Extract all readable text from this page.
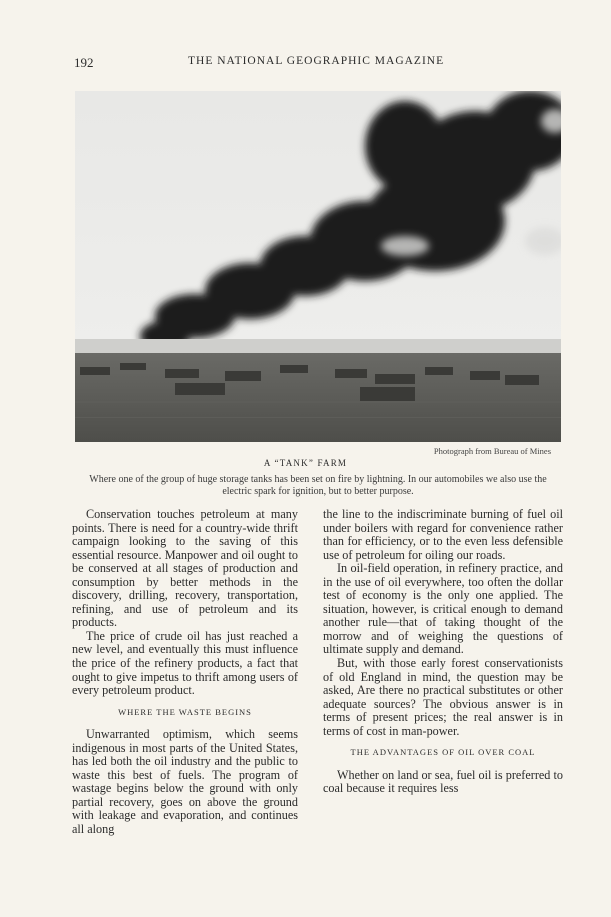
192	THE NATIONAL GEOGRAPHIC MAGAZINE
Photograph from Bureau of Mines
A “TANK” FARM
Where one of the group of huge storage tanks has been set on fire by lightning. In our automobiles we also use the electric spark for ignition, but to better purpose.

Conservation touches petroleum at many points. There is need for a country-wide thrift campaign looking to the saving of this essential resource. Manpower and oil ought to be conserved at all stages of production and consumption by better methods in the discovery, drilling, recovery, transportation, refining, and use of petroleum and its products.

The price of crude oil has just reached a new level, and eventually this must influence the price of the refinery products, a fact that ought to give impetus to thrift among users of every petroleum product.

WHERE THE WASTE BEGINS

Unwarranted optimism, which seems indigenous in most parts of the United States, has led both the oil industry and the public to waste this best of fuels. The program of wastage begins below the ground with only partial recovery, goes on above the ground with leakage and evaporation, and continues all along

the line to the indiscriminate burning of fuel oil under boilers with regard for convenience rather than for efficiency, or to the even less defensible use of petroleum for oiling our roads.

In oil-field operation, in refinery practice, and in the use of oil everywhere, too often the dollar test of economy is the only one applied. The situation, however, is critical enough to demand another rule—that of taking thought of the morrow and of weighing the questions of ultimate supply and demand.

But, with those early forest conservationists of old England in mind, the question may be asked, Are there no practical substitutes or other adequate sources? The obvious answer is in terms of present prices; the real answer is in terms of cost in man-power.

THE ADVANTAGES OF OIL OVER COAL

Whether on land or sea, fuel oil is preferred to coal because it requires less
